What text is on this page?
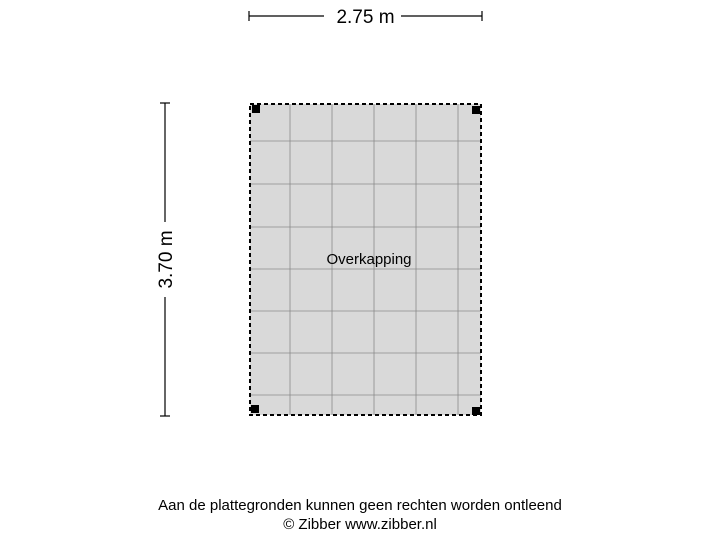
2.75 m
3.70 m	Overkapping
Aan de plattegronden kunnen geen rechten worden ontleend
© Zibber www.zibber.nl
